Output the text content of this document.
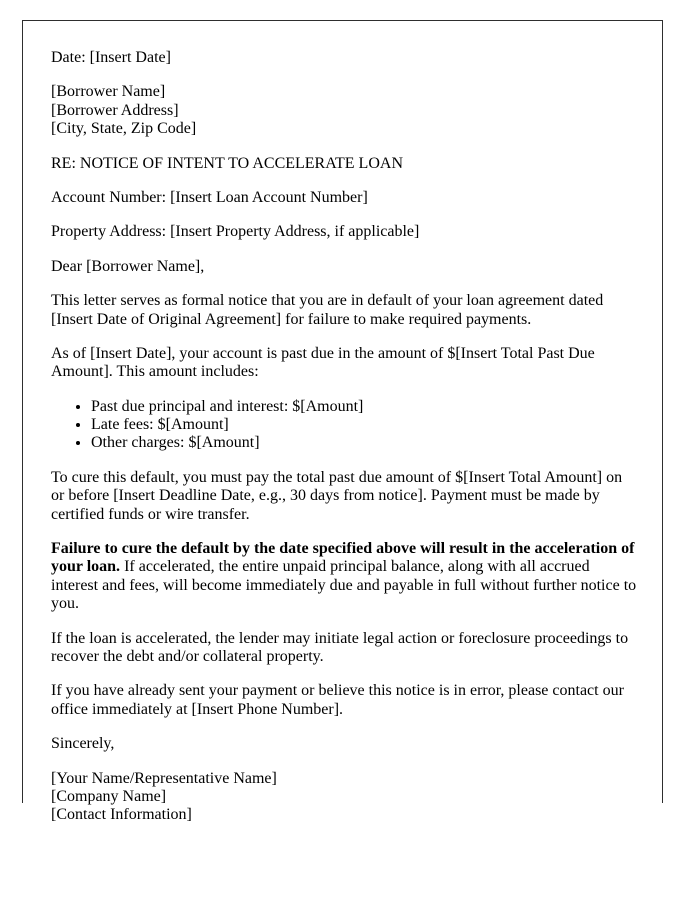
Date: [Insert Date]

[Borrower Name]
[Borrower Address]
[City, State, Zip Code]

RE: NOTICE OF INTENT TO ACCELERATE LOAN

Account Number: [Insert Loan Account Number]

Property Address: [Insert Property Address, if applicable]

Dear [Borrower Name],

This letter serves as formal notice that you are in default of your loan agreement dated [Insert Date of Original Agreement] for failure to make required payments.

As of [Insert Date], your account is past due in the amount of $[Insert Total Past Due Amount]. This amount includes:

• Past due principal and interest: $[Amount]
• Late fees: $[Amount]
• Other charges: $[Amount]

To cure this default, you must pay the total past due amount of $[Insert Total Amount] on or before [Insert Deadline Date, e.g., 30 days from notice]. Payment must be made by certified funds or wire transfer.

Failure to cure the default by the date specified above will result in the acceleration of your loan. If accelerated, the entire unpaid principal balance, along with all accrued interest and fees, will become immediately due and payable in full without further notice to you.

If the loan is accelerated, the lender may initiate legal action or foreclosure proceedings to recover the debt and/or collateral property.

If you have already sent your payment or believe this notice is in error, please contact our office immediately at [Insert Phone Number].

Sincerely,

[Your Name/Representative Name]
[Company Name]
[Contact Information]
